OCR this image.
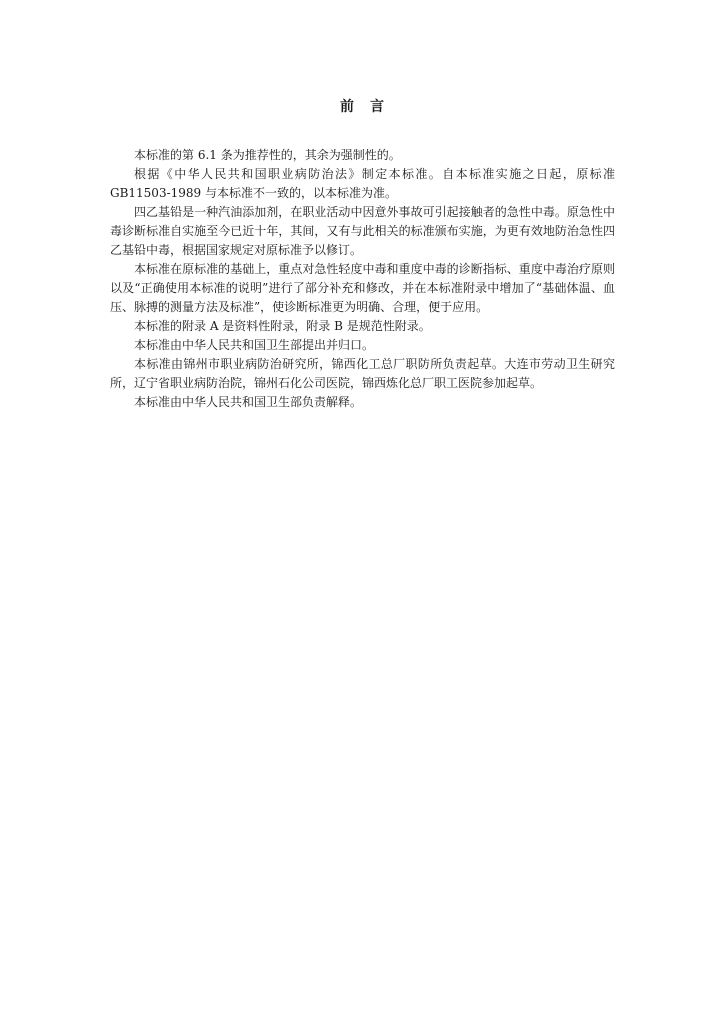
前言

本标准的第 6.1 条为推荐性的，其余为强制性的。

根据《中华人民共和国职业病防治法》制定本标准。自本标准实施之日起，原标准 GB11503-1989 与本标准不一致的，以本标准为准。

四乙基铅是一种汽油添加剂，在职业活动中因意外事故可引起接触者的急性中毒。原急性中毒诊断标准自实施至今已近十年，其间，又有与此相关的标准颁布实施，为更有效地防治急性四乙基铅中毒，根据国家规定对原标准予以修订。

本标准在原标准的基础上，重点对急性轻度中毒和重度中毒的诊断指标、重度中毒治疗原则以及“正确使用本标准的说明”进行了部分补充和修改，并在本标准附录中增加了“基础体温、血压、脉搏的测量方法及标准”，使诊断标准更为明确、合理，便于应用。

本标准的附录 A 是资料性附录，附录 B 是规范性附录。

本标准由中华人民共和国卫生部提出并归口。

本标准由锦州市职业病防治研究所，锦西化工总厂职防所负责起草。大连市劳动卫生研究所，辽宁省职业病防治院，锦州石化公司医院，锦西炼化总厂职工医院参加起草。

本标准由中华人民共和国卫生部负责解释。
